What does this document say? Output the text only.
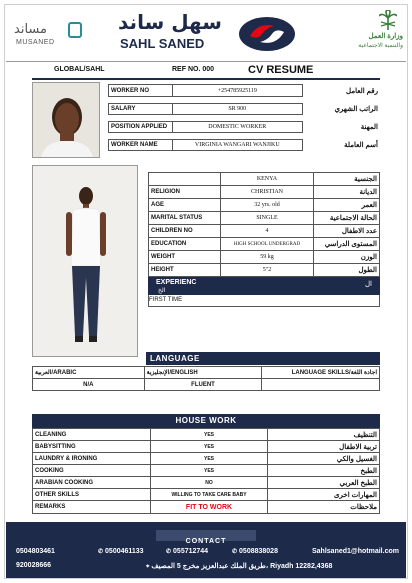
مساند
MUSANED
سهل ساند
SAHL SANED	وزارة العمل
والتنمية الاجتماعية
GLOBAL/SAHL	REF NO. 000	CV RESUME
WORKER NO	+254785925119	رقم العامل
SALARY	SR 900	الراتب الشهري
POSITION APPLIED	DOMESTIC WORKER	المهنة
WORKER NAME	VIRGINIA WANGARI WANJIKU	أسم العاملة
	KENYA	الجنسية
RELIGION	CHRISTIAN	الديانة
AGE	32 yrs. old	العمر
MARITAL STATUS	SINGLE	الحالة الاجتماعية
CHILDREN NO	4	عدد الاطفال
EDUCATION	HIGH SCHOOL UNDERGRAD	المستوى الدراسي
WEIGHT	59 kg	الوزن
HEIGHT	5"2	الطول
EXPERIENC
الخ
ال
FIRST TIME
LANGUAGE
العربية/ARABIC	الإنجليزية/ENGLISH	LANGUAGE SKILLS/اجادة اللغة
N/A	FLUENT	
HOUSE WORK
CLEANING	YES	التنظيف
BABYSITTING	YES	تربية الاطفال
LAUNDRY & IRONING	YES	الغسيل والكي
COOKING	YES	الطبخ
ARABIAN COOKING	NO	الطبخ العربي
OTHER SKILLS	WILLING TO TAKE CARE BABY	المهارات اخرى
REMARKS	FIT TO WORK	ملاحظات
CONTACT
0504803461	✆ 0500461133	✆ 055712744	✆ 0508838028	Sahlsaned1@hotmail.com
920028666	⌖ طريق الملك عبدالعزيز مخرج 5 المصيف، Riyadh 12282,4368
